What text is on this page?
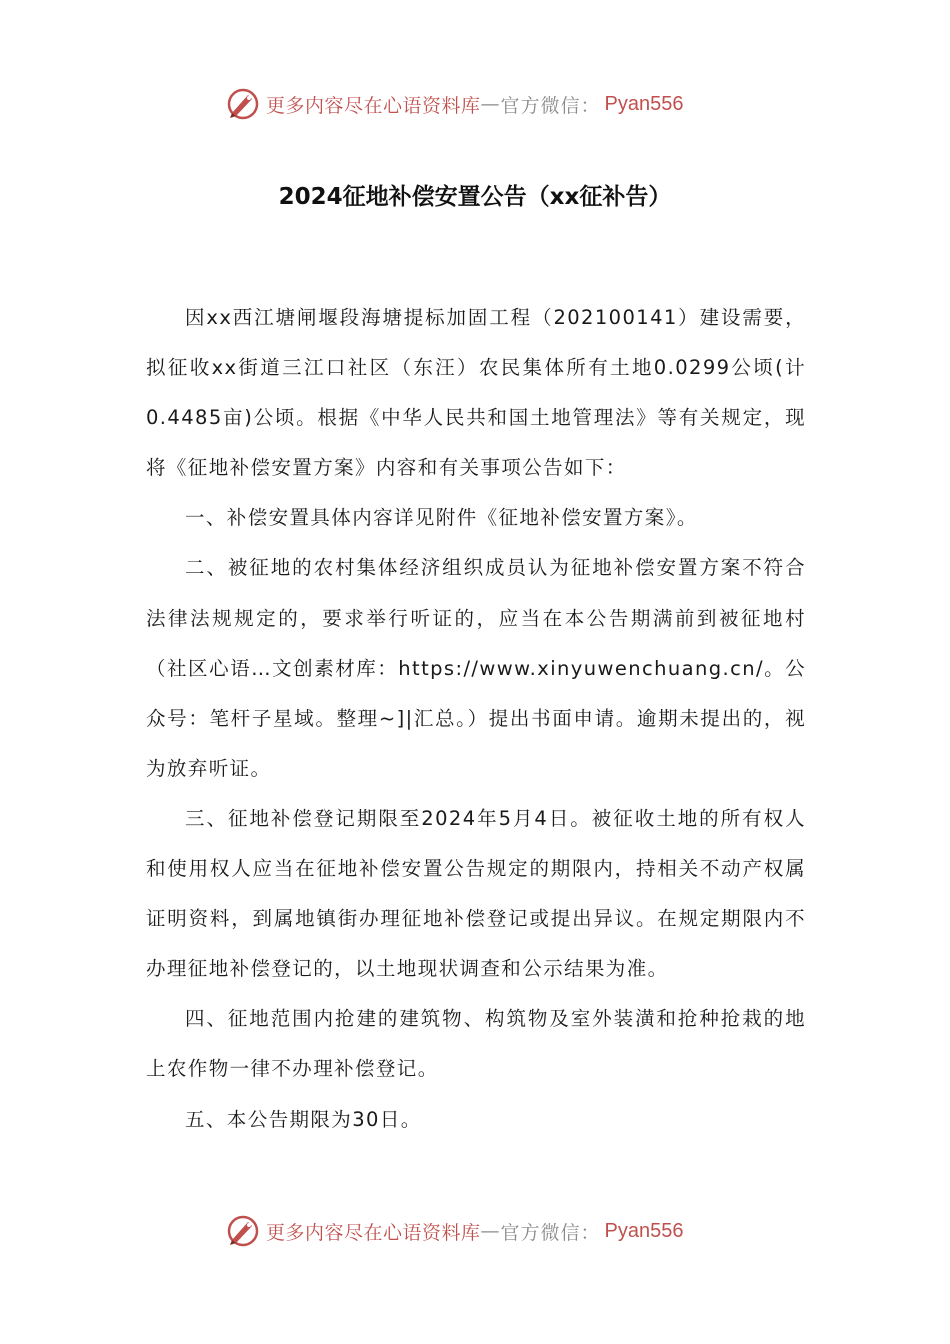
更多内容尽在心语资料库 — 官方微信： Pyan556
2024征地补偿安置公告（xx征补告）

因xx西江塘闸堰段海塘提标加固工程（202100141）建设需要，拟征收xx街道三江口社区（东汪）农民集体所有土地0.0299公顷(计0.4485亩)公顷。根据《中华人民共和国土地管理法》等有关规定，现将《征地补偿安置方案》内容和有关事项公告如下：

一、补偿安置具体内容详见附件《征地补偿安置方案》。

二、被征地的农村集体经济组织成员认为征地补偿安置方案不符合法律法规规定的，要求举行听证的，应当在本公告期满前到被征地村（社区心语…文创素材库：https://www.xinyuwenchuang.cn/。公众号：笔杆子星域。整理~]|汇总。）提出书面申请。逾期未提出的，视为放弃听证。

三、征地补偿登记期限至2024年5月4日。被征收土地的所有权人和使用权人应当在征地补偿安置公告规定的期限内，持相关不动产权属证明资料，到属地镇街办理征地补偿登记或提出异议。在规定期限内不办理征地补偿登记的，以土地现状调查和公示结果为准。

四、征地范围内抢建的建筑物、构筑物及室外装潢和抢种抢栽的地上农作物一律不办理补偿登记。

五、本公告期限为30日。

更多内容尽在心语资料库 — 官方微信： Pyan556
